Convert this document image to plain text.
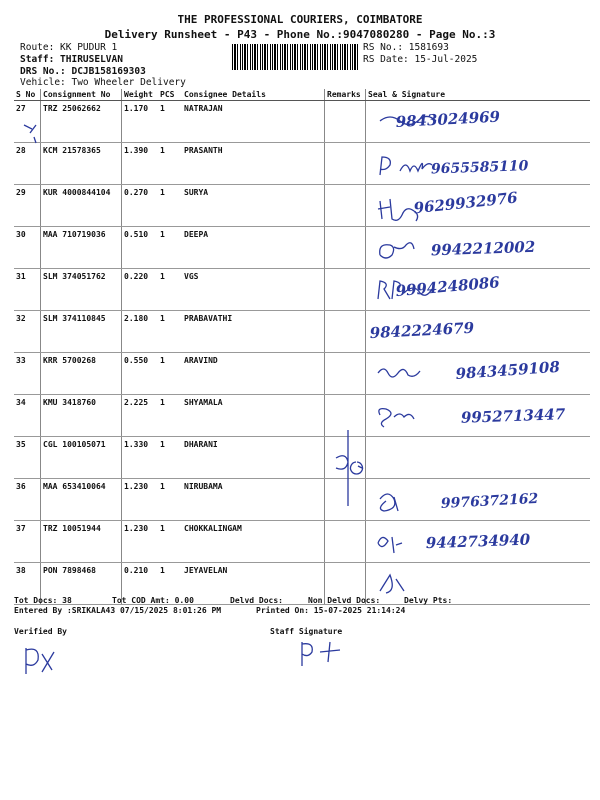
THE PROFESSIONAL COURIERS, COIMBATORE
Delivery Runsheet - P43 - Phone No.:9047080280 - Page No.:3
Route: KK PUDUR 1
Staff: THIRUSELVAN
DRS No.: DCJB158169303
Vehicle: Two Wheeler Delivery
RS No.: 1581693
RS Date: 15-Jul-2025
S No	Consignment No	Weight	PCS	Consignee Details	Remarks	Seal & Signature
27	TRZ 25062662	1.170	1	NATRAJAN		9843024969

28	KCM 21578365	1.390	1	PRASANTH		9655585110

29	KUR 4000844104	0.270	1	SURYA		9629932976

30	MAA 710719036	0.510	1	DEEPA		9942212002

31	SLM 374051762	0.220	1	VGS		9994248086

32	SLM 374110845	2.180	1	PRABAVATHI		9842224679

33	KRR 5700268	0.550	1	ARAVIND		9843459108

34	KMU 3418760	2.225	1	SHYAMALA		9952713447

35	CGL 100105071	1.330	1	DHARANI		

36	MAA 653410064	1.230	1	NIRUBAMA		9976372162

37	TRZ 10051944	1.230	1	CHOKKALINGAM		9442734940

38	PON 7898468	0.210	1	JEYAVELAN		
Tot Docs: 38	Tot COD Amt: 0.00	Delvd Docs:	Non Delvd Docs:	Delvy Pts:
Entered By :SRIKALA43 07/15/2025 8:01:26 PM	Printed On: 15-07-2025 21:14:24
Verified By	Staff Signature
